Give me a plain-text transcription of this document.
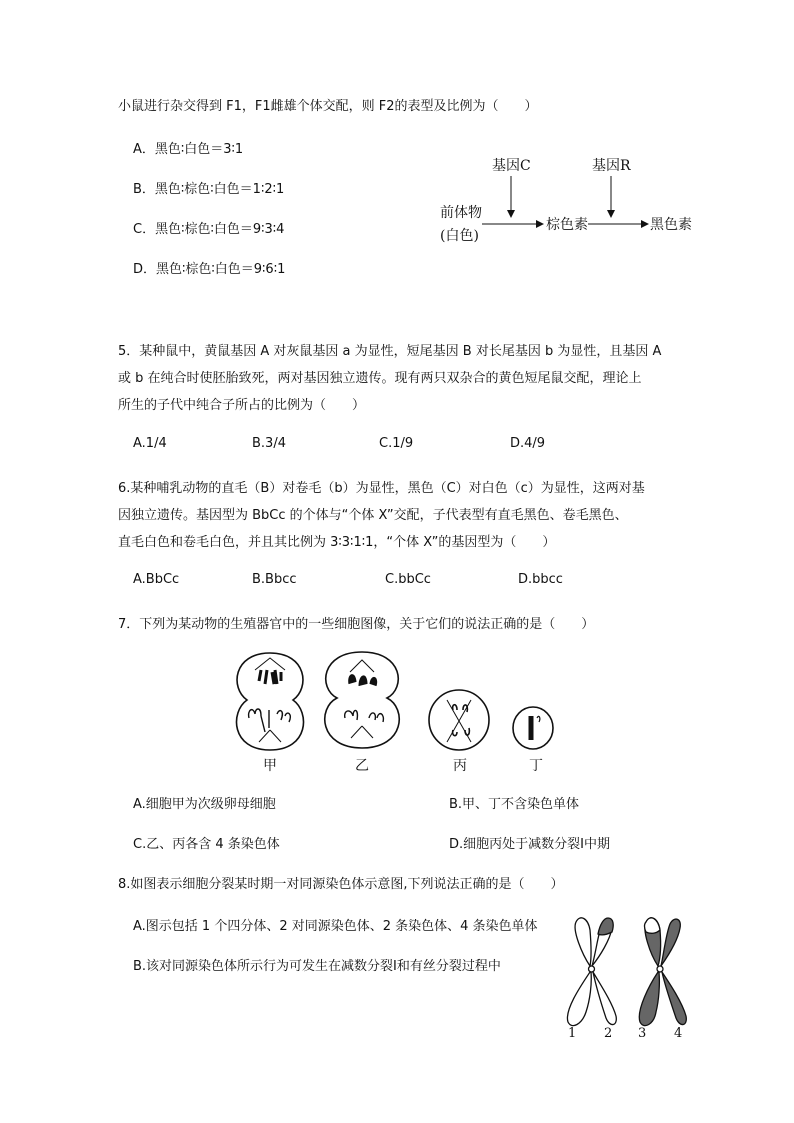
小鼠进行杂交得到 F1，F1雌雄个体交配，则 F2的表型及比例为（　　）
A．黑色∶白色＝3∶1
B．黑色∶棕色∶白色＝1∶2∶1
C．黑色∶棕色∶白色＝9∶3∶4
D．黑色∶棕色∶白色＝9∶6∶1
基因C	基因R
前体物
(白色)
棕色素	黑色素
5．某种鼠中，黄鼠基因 A 对灰鼠基因 a 为显性，短尾基因 B 对长尾基因 b 为显性，且基因 A
或 b 在纯合时使胚胎致死，两对基因独立遗传。现有两只双杂合的黄色短尾鼠交配，理论上
所生的子代中纯合子所占的比例为（　　）
A.1/4	B.3/4	C.1/9	D.4/9
6.某种哺乳动物的直毛（B）对卷毛（b）为显性，黑色（C）对白色（c）为显性，这两对基
因独立遗传。基因型为 BbCc 的个体与“个体 X”交配，子代表型有直毛黑色、卷毛黑色、
直毛白色和卷毛白色，并且其比例为 3∶3∶1∶1，“个体 X”的基因型为（　　）
A.BbCc	B.Bbcc	C.bbCc	D.bbcc
7．下列为某动物的生殖器官中的一些细胞图像，关于它们的说法正确的是（　　）
甲	乙	丙	丁
A.细胞甲为次级卵母细胞	B.甲、丁不含染色单体
C.乙、丙各含 4 条染色体	D.细胞丙处于减数分裂Ⅰ中期
8.如图表示细胞分裂某时期一对同源染色体示意图,下列说法正确的是（　　）
A.图示包括 1 个四分体、2 对同源染色体、2 条染色体、4 条染色单体
B.该对同源染色体所示行为可发生在减数分裂Ⅰ和有丝分裂过程中
1 2 3 4
